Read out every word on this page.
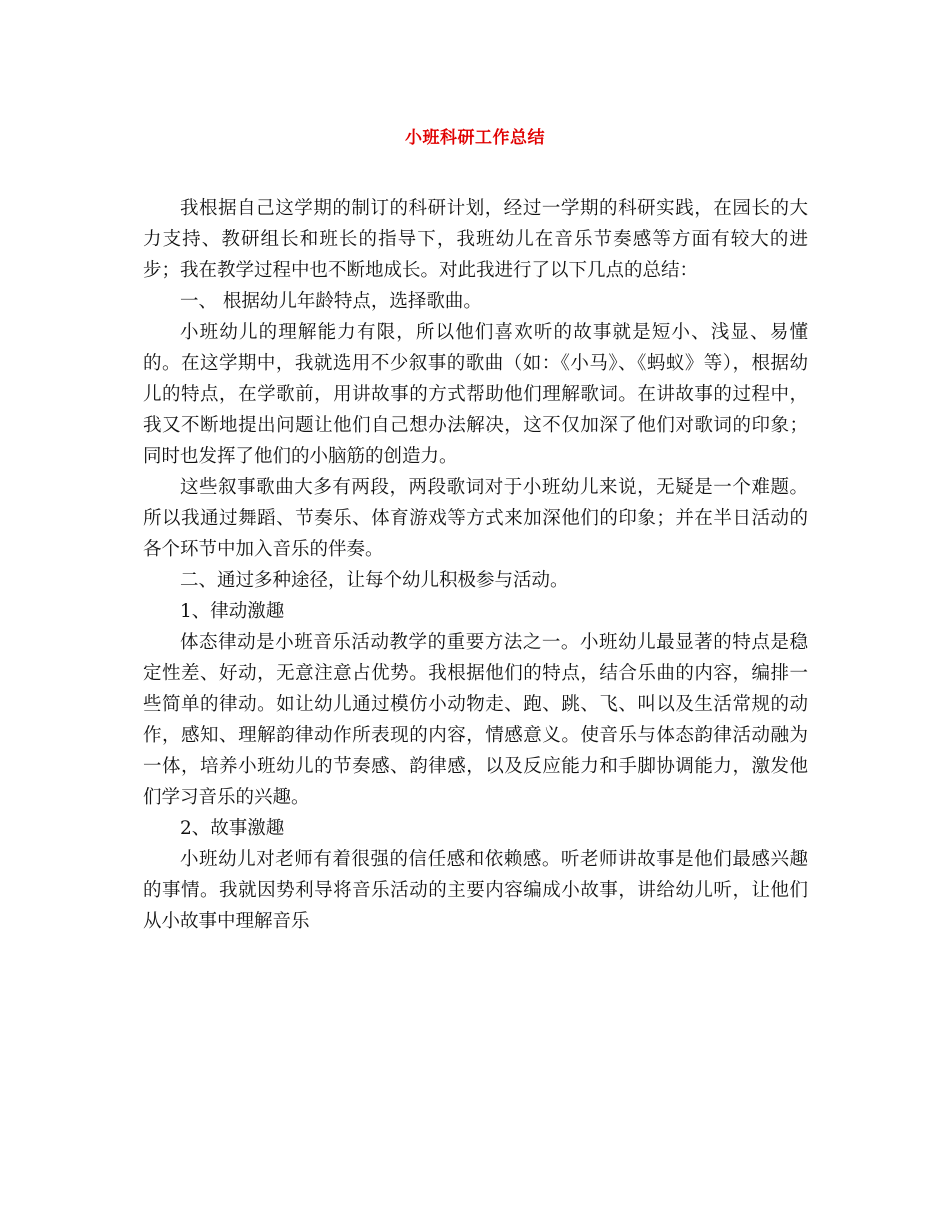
小班科研工作总结

我根据自己这学期的制订的科研计划，经过一学期的科研实践，在园长的大力支持、教研组长和班长的指导下，我班幼儿在音乐节奏感等方面有较大的进步；我在教学过程中也不断地成长。对此我进行了以下几点的总结：

一、 根据幼儿年龄特点，选择歌曲。

小班幼儿的理解能力有限，所以他们喜欢听的故事就是短小、浅显、易懂的。在这学期中，我就选用不少叙事的歌曲（如：《小马》、《蚂蚁》等），根据幼儿的特点，在学歌前，用讲故事的方式帮助他们理解歌词。在讲故事的过程中，我又不断地提出问题让他们自己想办法解决，这不仅加深了他们对歌词的印象；同时也发挥了他们的小脑筋的创造力。

这些叙事歌曲大多有两段，两段歌词对于小班幼儿来说，无疑是一个难题。所以我通过舞蹈、节奏乐、体育游戏等方式来加深他们的印象；并在半日活动的各个环节中加入音乐的伴奏。

二、通过多种途径，让每个幼儿积极参与活动。

1、律动激趣

体态律动是小班音乐活动教学的重要方法之一。小班幼儿最显著的特点是稳定性差、好动，无意注意占优势。我根据他们的特点，结合乐曲的内容，编排一些简单的律动。如让幼儿通过模仿小动物走、跑、跳、飞、叫以及生活常规的动作，感知、理解韵律动作所表现的内容，情感意义。使音乐与体态韵律活动融为一体，培养小班幼儿的节奏感、韵律感，以及反应能力和手脚协调能力，激发他们学习音乐的兴趣。

2、故事激趣

小班幼儿对老师有着很强的信任感和依赖感。听老师讲故事是他们最感兴趣的事情。我就因势利导将音乐活动的主要内容编成小故事，讲给幼儿听，让他们从小故事中理解音乐
